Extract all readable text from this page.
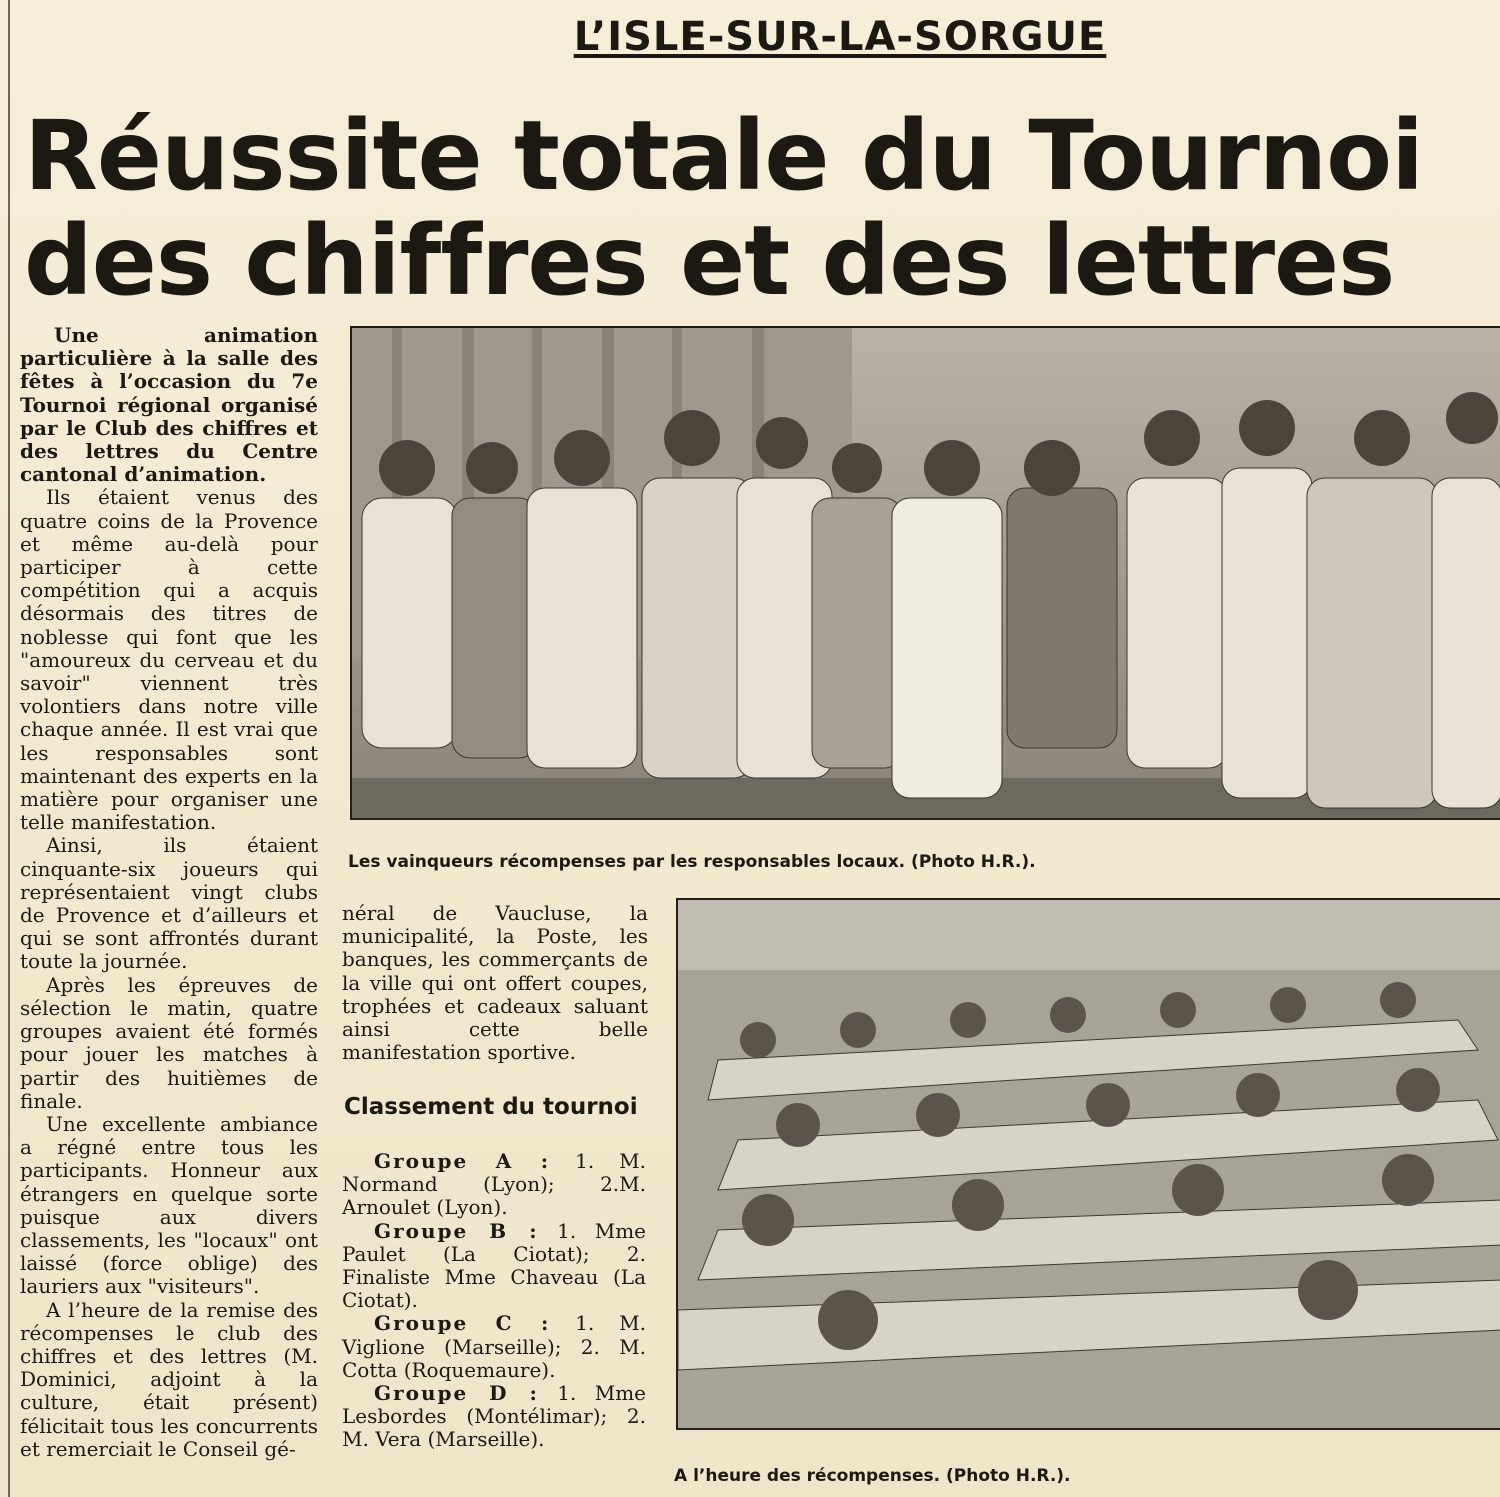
L’ISLE-SUR-LA-SORGUE
Réussite totale du Tournoi des chiffres et des lettres

Une animation particulière à la salle des fêtes à l’occasion du 7e Tournoi régional organisé par le Club des chiffres et des lettres du Centre cantonal d’animation.

Ils étaient venus des quatre coins de la Provence et même au-delà pour participer à cette compétition qui a acquis désormais des titres de noblesse qui font que les "amoureux du cerveau et du savoir" viennent très volontiers dans notre ville chaque année. Il est vrai que les responsables sont maintenant des experts en la matière pour organiser une telle manifestation.

Ainsi, ils étaient cinquante-six joueurs qui représentaient vingt clubs de Provence et d’ailleurs et qui se sont affrontés durant toute la journée.

Après les épreuves de sélection le matin, quatre groupes avaient été formés pour jouer les matches à partir des huitièmes de finale.

Une excellente ambiance a régné entre tous les participants. Honneur aux étrangers en quelque sorte puisque aux divers classements, les "locaux" ont laissé (force oblige) des lauriers aux "visiteurs".

A l’heure de la remise des récompenses le club des chiffres et des lettres (M. Dominici, adjoint à la culture, était présent) félicitait tous les concurrents et remerciait le Conseil gé-

néral de Vaucluse, la municipalité, la Poste, les banques, les commerçants de la ville qui ont offert coupes, trophées et cadeaux saluant ainsi cette belle manifestation sportive.

Classement du tournoi

Groupe A : 1. M. Normand (Lyon); 2.M. Arnoulet (Lyon).

Groupe B : 1. Mme Paulet (La Ciotat); 2. Finaliste Mme Chaveau (La Ciotat).

Groupe C : 1. M. Viglione (Marseille); 2. M. Cotta (Roquemaure).

Groupe D : 1. Mme Lesbordes (Montélimar); 2. M. Vera (Marseille).

Les vainqueurs récompenses par les responsables locaux. (Photo H.R.).
A l’heure des récompenses. (Photo H.R.).
